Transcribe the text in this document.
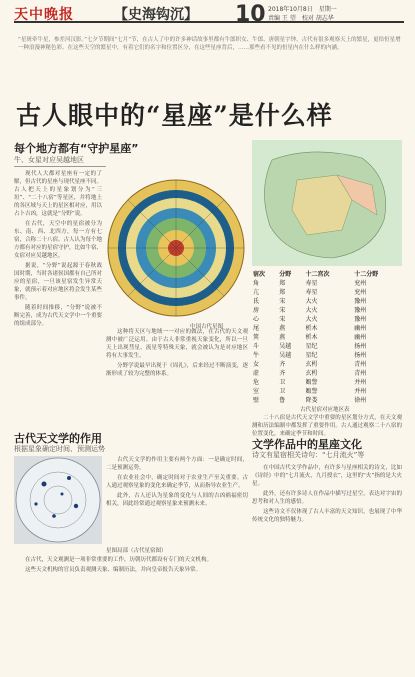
天中晚报	【史海钩沉】 10 2018年10月8日　星期一
责编 王 望　校对 胡志华
“星斑牵牛星，参差河汉影。”七夕节期间“七月”节，在古人了中的许多神话故事里都有牛郎织女、牛郎、唐朝星宇钟，古代有很多观察天上的繁星，更给恒星增一种浪漫神秘色彩。在这些天空的繁星中，有着它们的名字和位置区分，在这些星座背后，……那些看不见的恒星内在什么样的内涵。
古人眼中的“星座”是什么样
每个地方都有“守护星座”
牛、女星对应吴越地区

现代人大都对星座有一定的了解，但古代的星座与现代星座不同。古人把天上的星象划分为“三垣”、“二十八宿”等星区，并将地上的各区域与天上的星区相对应，用以占卜吉凶，这就是“分野”说。

在古代，天空中的星宿被分为东、南、西、北四方，每一方有七宿，合称二十八宿。古人认为每个地方都有对应的星宿守护，比如牛宿、女宿对应吴越地区。

据说，“分野”说起源于春秋战国时期，当时各诸侯国都有自己所对应的星宿，一旦该星宿发生异常天象，就预示着对应地区将会发生某些事件。

随着时间推移，“分野”说被不断完善，成为古代天文学中一个重要的组成部分。	中国古代星图
宿次	分野	十二宫次	十二分野
角	郑	寿星	兖州
亢	郑	寿星	兖州
氐	宋	大火	豫州
房	宋	大火	豫州
心	宋	大火	豫州
尾	燕	析木	幽州
箕	燕	析木	幽州
斗	吴越	星纪	扬州
牛	吴越	星纪	扬州
女	齐	玄枵	青州
虚	齐	玄枵	青州
危	卫	娵訾	并州
室	卫	娵訾	并州
壁	鲁	降娄	徐州
古代星宿对应地区表

这种将天区与地域一一对应的做法，在古代的天文观测中被广泛运用。由于古人非常重视天象变化，所以一旦天上出现彗星、流星等特殊天象，就会被认为是对应地区将有大事发生。

分野学说最早出现于《周礼》，后来经过不断演变，逐渐形成了较为完整的体系。

二十八宿是古代天文学中重要的星区划分方式，在天文观测和历法编制中都发挥了重要作用。古人通过观察二十八宿的位置变化，来确定季节和时间。

古代天文学的作用
根据星象确定时间、预测运势
星图局部（古代星宿图）

古代天文学的作用主要有两个方面：一是确定时间，二是预测运势。

在农业社会中，确定时间对于农业生产至关重要。古人通过观察星象的变化来确定季节，从而指导农业生产。

此外，古人还认为星象的变化与人间的吉凶祸福密切相关，因此经常通过观察星象来预测未来。

在古代，天文观测是一项非常重要的工作，历朝历代都设有专门的天文机构。

这些天文机构的官员负责观测天象、编制历法，并向皇帝报告天象异常。

文学作品中的星座文化
诗文有星宿相关诗句：“七月流火”等

在中国古代文学作品中，有许多与星座相关的诗文，比如《诗经》中的“七月流火，九月授衣”，这里的“火”指的是大火星。

此外，还有许多诗人在作品中描写过星空，表达对宇宙的思考和对人生的感悟。

这些诗文不仅体现了古人丰富的天文知识，也展现了中华传统文化的独特魅力。
